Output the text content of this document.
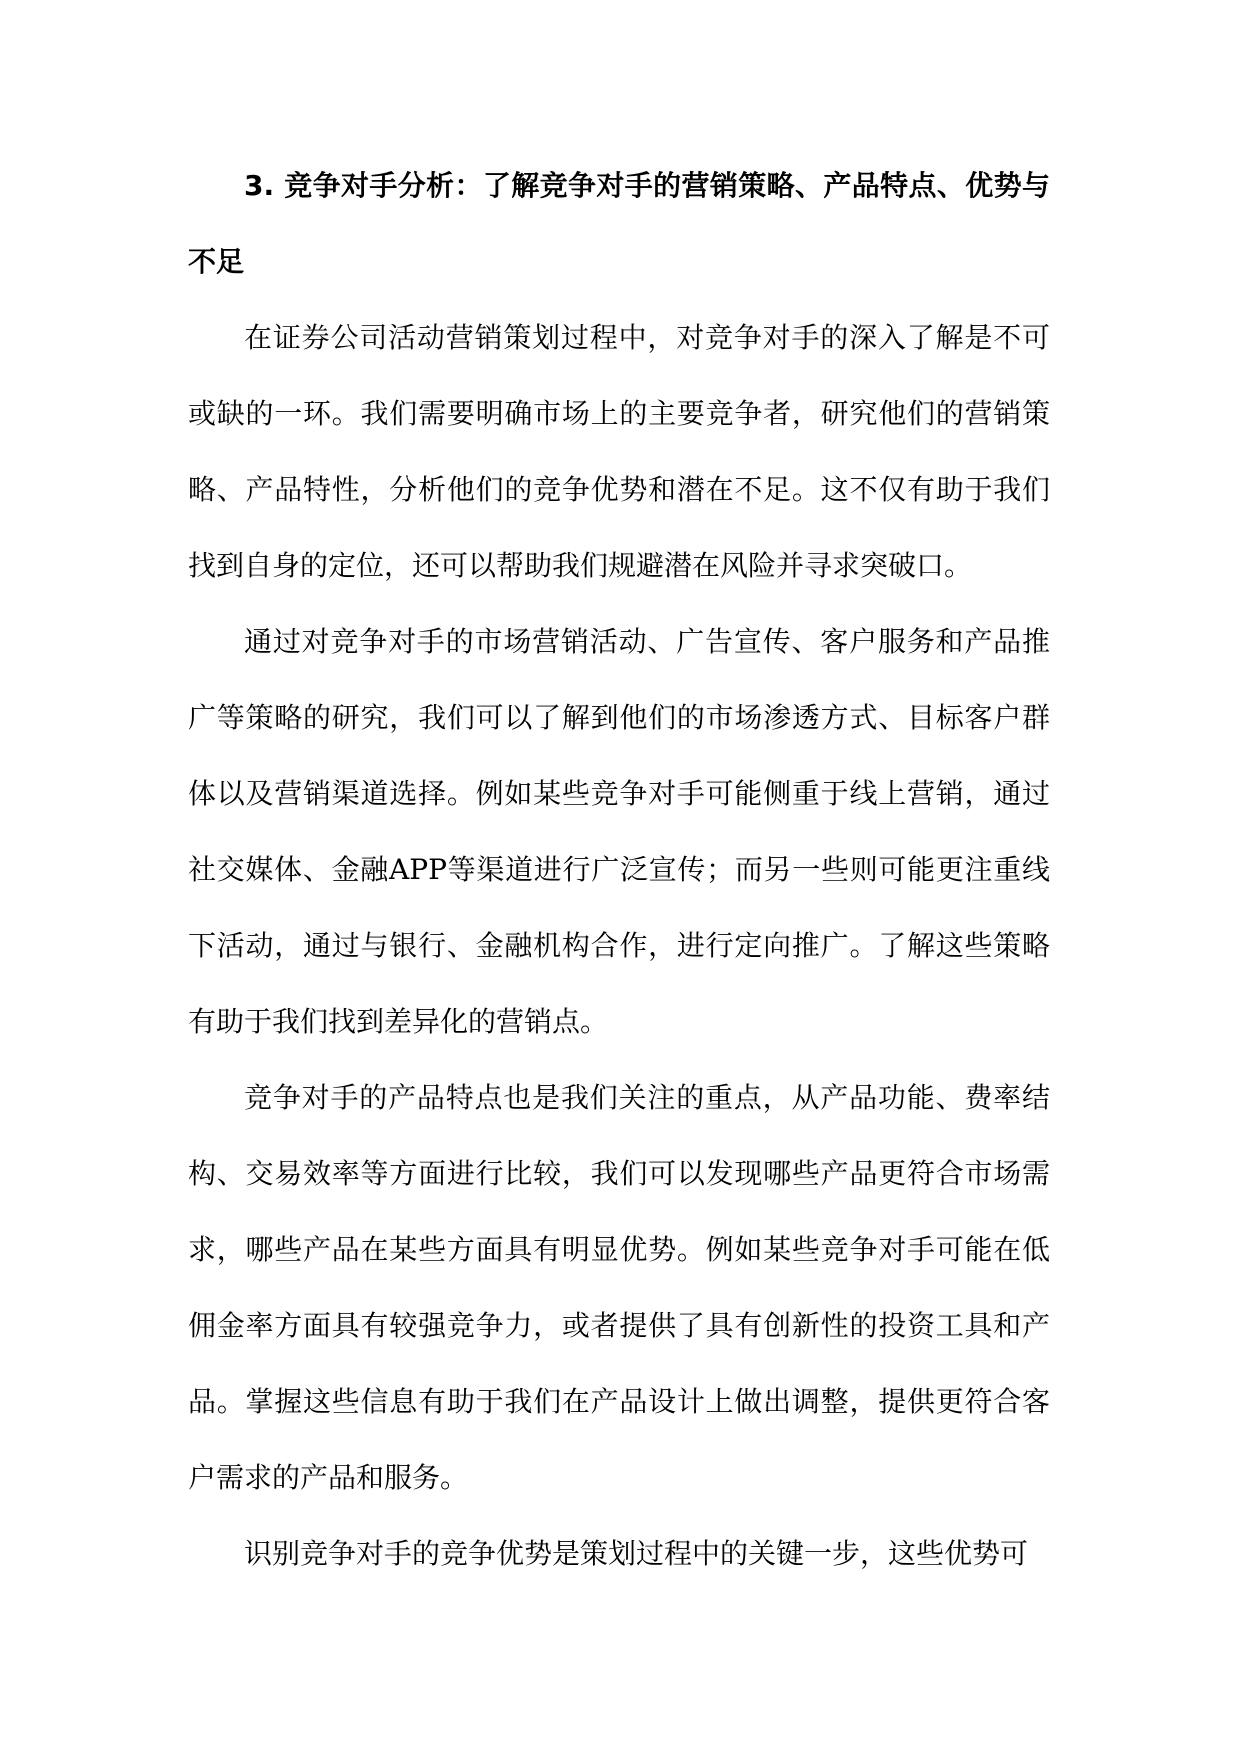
3. 竞争对手分析：了解竞争对手的营销策略、产品特点、优势与不足

在证券公司活动营销策划过程中，对竞争对手的深入了解是不可或缺的一环。我们需要明确市场上的主要竞争者，研究他们的营销策略、产品特性，分析他们的竞争优势和潜在不足。这不仅有助于我们找到自身的定位，还可以帮助我们规避潜在风险并寻求突破口。

通过对竞争对手的市场营销活动、广告宣传、客户服务和产品推广等策略的研究，我们可以了解到他们的市场渗透方式、目标客户群体以及营销渠道选择。例如某些竞争对手可能侧重于线上营销，通过社交媒体、金融APP等渠道进行广泛宣传；而另一些则可能更注重线下活动，通过与银行、金融机构合作，进行定向推广。了解这些策略有助于我们找到差异化的营销点。

竞争对手的产品特点也是我们关注的重点，从产品功能、费率结构、交易效率等方面进行比较，我们可以发现哪些产品更符合市场需求，哪些产品在某些方面具有明显优势。例如某些竞争对手可能在低佣金率方面具有较强竞争力，或者提供了具有创新性的投资工具和产品。掌握这些信息有助于我们在产品设计上做出调整，提供更符合客户需求的产品和服务。

识别竞争对手的竞争优势是策划过程中的关键一步，这些优势可
